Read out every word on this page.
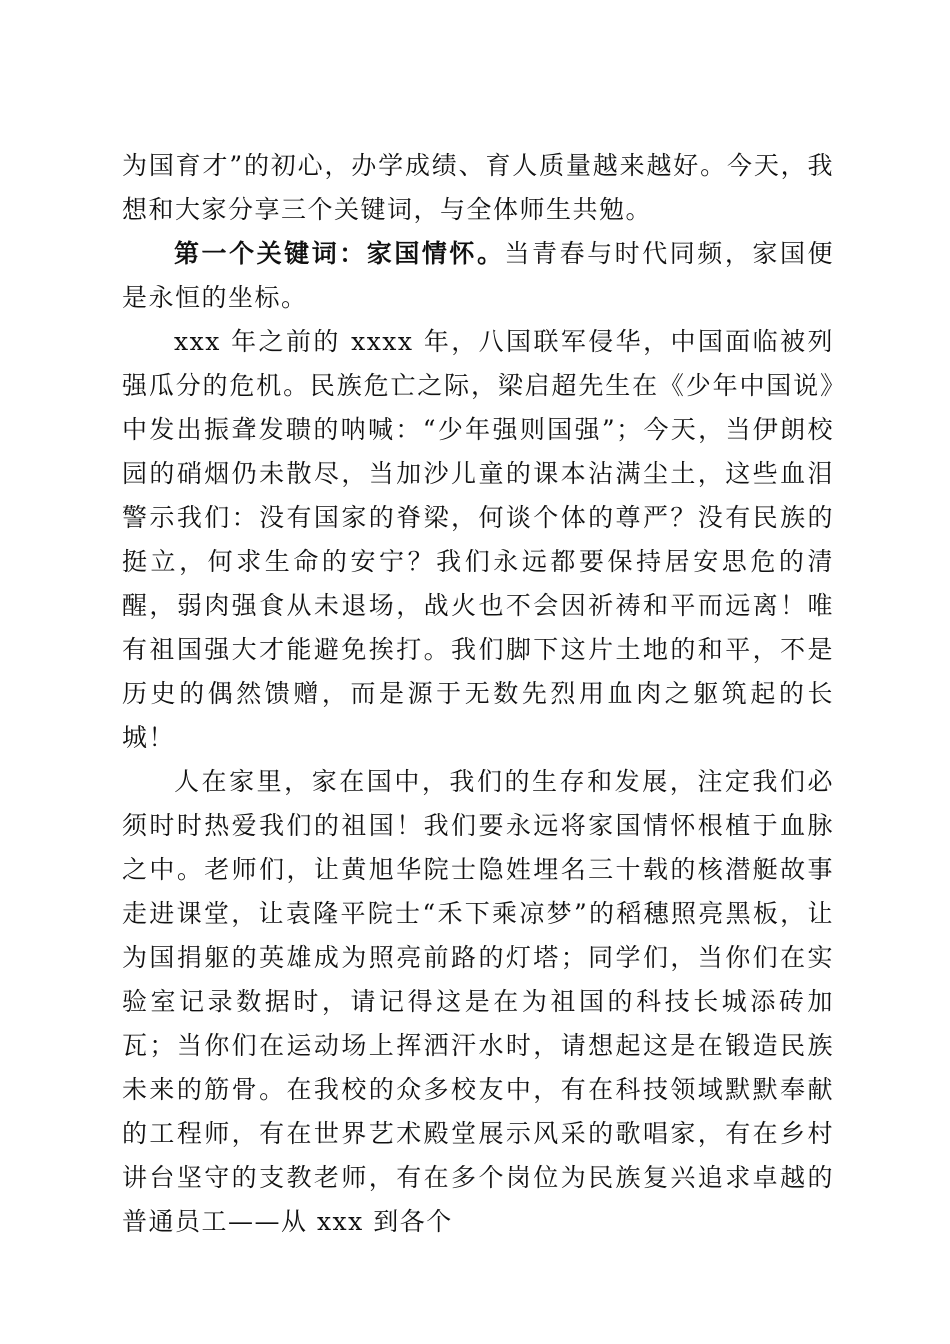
为国育才”的初心，办学成绩、育人质量越来越好。今天，我想和大家分享三个关键词，与全体师生共勉。

第一个关键词：家国情怀。当青春与时代同频，家国便是永恒的坐标。

xxx 年之前的 xxxx 年，八国联军侵华，中国面临被列强瓜分的危机。民族危亡之际，梁启超先生在《少年中国说》中发出振聋发聩的呐喊：“少年强则国强”；今天，当伊朗校园的硝烟仍未散尽，当加沙儿童的课本沾满尘土，这些血泪警示我们：没有国家的脊梁，何谈个体的尊严？没有民族的挺立，何求生命的安宁？我们永远都要保持居安思危的清醒，弱肉强食从未退场，战火也不会因祈祷和平而远离！唯有祖国强大才能避免挨打。我们脚下这片土地的和平，不是历史的偶然馈赠，而是源于无数先烈用血肉之躯筑起的长城！

人在家里，家在国中，我们的生存和发展，注定我们必须时时热爱我们的祖国！我们要永远将家国情怀根植于血脉之中。老师们，让黄旭华院士隐姓埋名三十载的核潜艇故事走进课堂，让袁隆平院士“禾下乘凉梦”的稻穗照亮黑板，让为国捐躯的英雄成为照亮前路的灯塔；同学们，当你们在实验室记录数据时，请记得这是在为祖国的科技长城添砖加瓦；当你们在运动场上挥洒汗水时，请想起这是在锻造民族未来的筋骨。在我校的众多校友中，有在科技领域默默奉献的工程师，有在世界艺术殿堂展示风采的歌唱家，有在乡村讲台坚守的支教老师，有在多个岗位为民族复兴追求卓越的普通员工——从 xxx 到各个
